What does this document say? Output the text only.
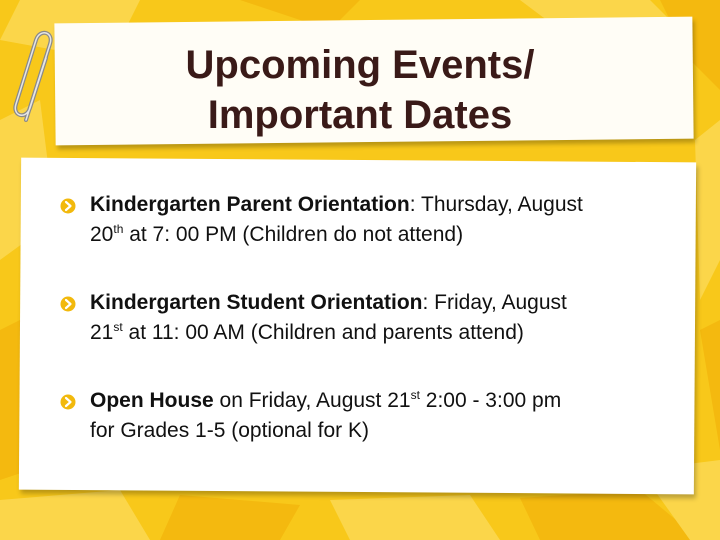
Upcoming Events/
Important Dates
Kindergarten Parent Orientation: Thursday, August
20th at 7: 00 PM (Children do not attend)
Kindergarten Student Orientation: Friday, August
21st at 11: 00 AM (Children and parents attend)
Open House on Friday, August 21st 2:00 - 3:00 pm
for Grades 1-5 (optional for K)
